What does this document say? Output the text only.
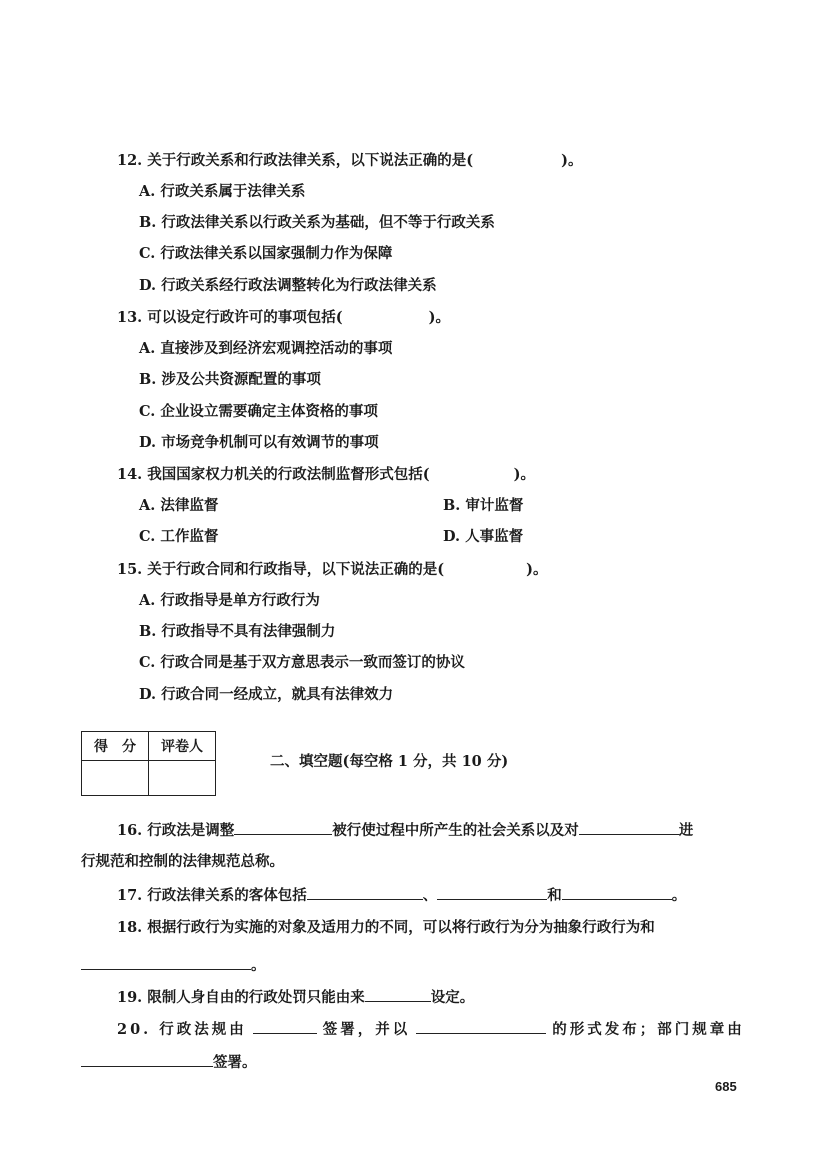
12. 关于行政关系和行政法律关系，以下说法正确的是(	)。
A. 行政关系属于法律关系
B. 行政法律关系以行政关系为基础，但不等于行政关系
C. 行政法律关系以国家强制力作为保障
D. 行政关系经行政法调整转化为行政法律关系
13. 可以设定行政许可的事项包括(	)。
A. 直接涉及到经济宏观调控活动的事项
B. 涉及公共资源配置的事项
C. 企业设立需要确定主体资格的事项
D. 市场竞争机制可以有效调节的事项
14. 我国国家权力机关的行政法制监督形式包括(	)。
A. 法律监督	B. 审计监督
C. 工作监督	D. 人事监督
15. 关于行政合同和行政指导，以下说法正确的是(	)。
A. 行政指导是单方行政行为
B. 行政指导不具有法律强制力
C. 行政合同是基于双方意思表示一致而签订的协议
D. 行政合同一经成立，就具有法律效力
得　分	评卷人

二、填空题(每空格 1 分，共 10 分)
16. 行政法是调整	被行使过程中所产生的社会关系以及对	进
行规范和控制的法律规范总称。
17. 行政法律关系的客体包括	、	和	。
18. 根据行政行为实施的对象及适用力的不同，可以将行政行为分为抽象行政行为和
。
19. 限制人身自由的行政处罚只能由来	设定。
20. 行政法规由	签署，并以	的形式发布；部门规章由
签署。
685
